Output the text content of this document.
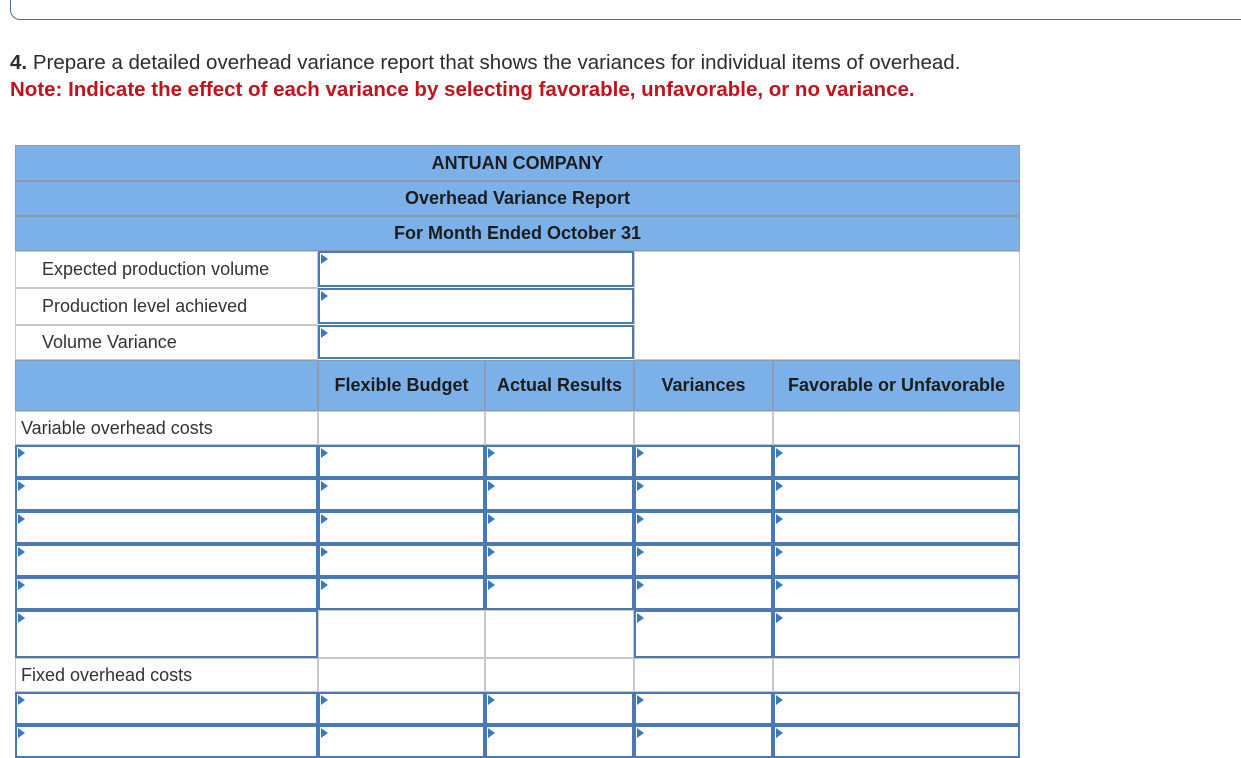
4. Prepare a detailed overhead variance report that shows the variances for individual items of overhead.
Note: Indicate the effect of each variance by selecting favorable, unfavorable, or no variance.
ANTUAN COMPANY
Overhead Variance Report
For Month Ended October 31
Expected production volume
Production level achieved
Volume Variance
Flexible Budget	Actual Results	Variances	Favorable or Unfavorable
Variable overhead costs
Fixed overhead costs
